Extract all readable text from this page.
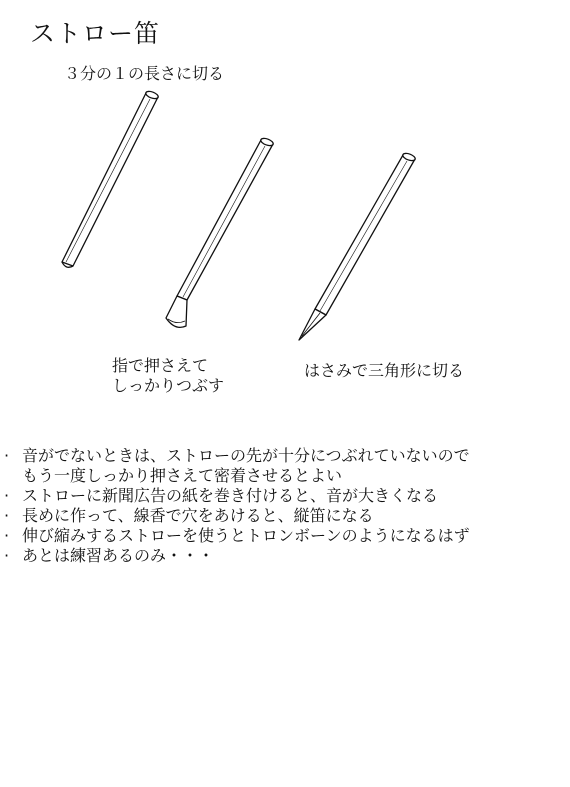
ストロー笛
３分の１の長さに切る
指で押さえて
しっかりつぶす
はさみで三角形に切る
· 音がでないときは、ストローの先が十分につぶれていないので
もう一度しっかり押さえて密着させるとよい
· ストローに新聞広告の紙を巻き付けると、音が大きくなる
· 長めに作って、線香で穴をあけると、縦笛になる
· 伸び縮みするストローを使うとトロンボーンのようになるはず
· あとは練習あるのみ・・・
